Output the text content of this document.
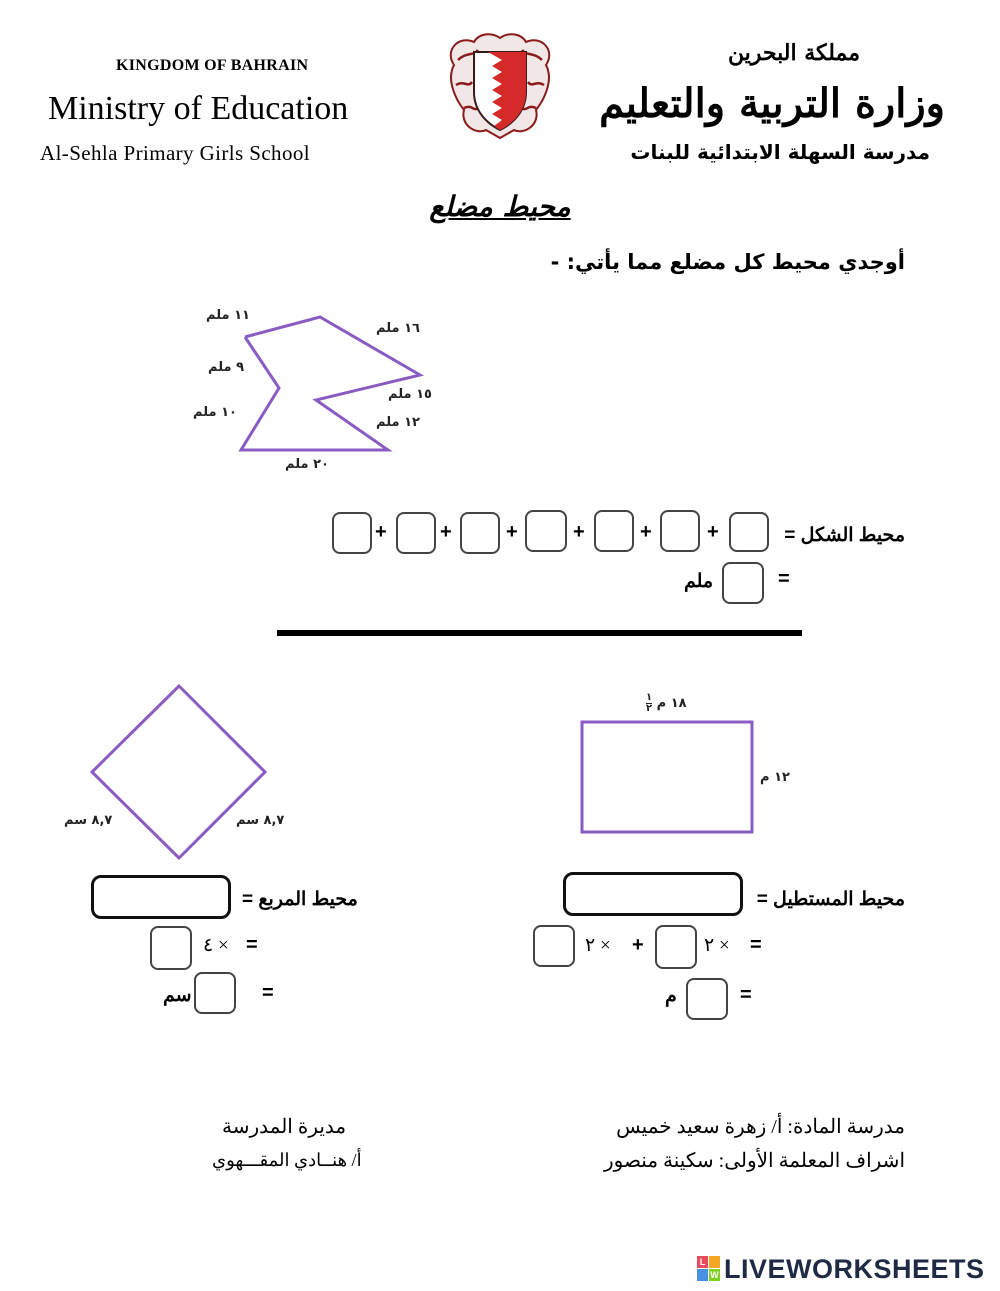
KINGDOM OF BAHRAIN
Ministry of Education
Al-Sehla Primary Girls School
مملكة البحرين
وزارة التربية والتعليم
مدرسة السهلة الابتدائية للبنات
محيط مضلع
أوجدي محيط كل مضلع مما يأتي: -
١١ ملم
١٦ ملم
٩ ملم
١٥ ملم
١٠ ملم
١٢ ملم
٢٠ ملم
محيط الشكل =
+
+
+
+
+
+
=
ملم
١٨ م
١
٢
١٢ م
محيط المستطيل =
=
× ٢
+
× ٢
=
م
٨,٧ سم	٨,٧ سم
محيط المربع =
=
× ٤
=
سم
مدرسة المادة: أ/ زهرة سعيد خميس
اشراف المعلمة الأولى: سكينة منصور
مديرة المدرسة
أ/ هنــادي المقـــهوي
L
W LIVEWORKSHEETS
